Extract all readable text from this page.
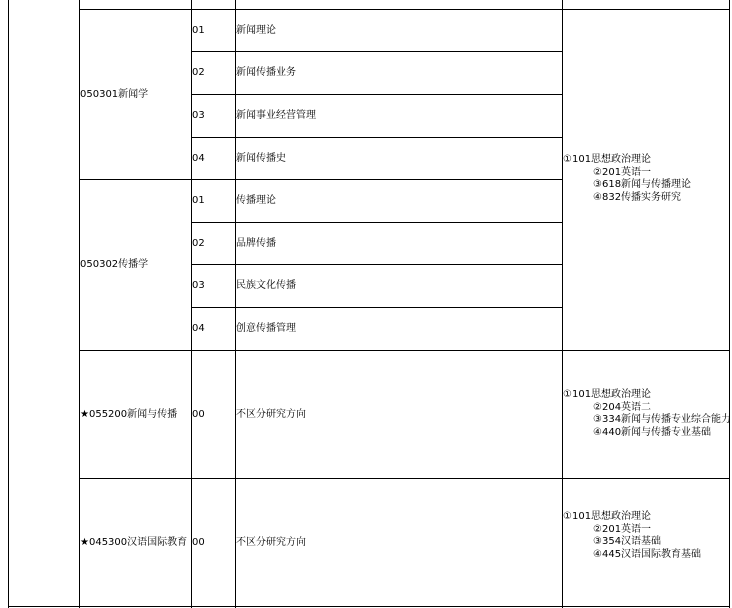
050301新闻学
050302传播学
★055200新闻与传播
★045300汉语国际教育
01
02
03
04
01
02
03
04
00
00
新闻理论
新闻传播业务
新闻事业经营管理
新闻传播史
传播理论
品牌传播
民族文化传播
创意传播管理
不区分研究方向
不区分研究方向
①101思想政治理论
②201英语一
③618新闻与传播理论
④832传播实务研究
①101思想政治理论
②204英语二
③334新闻与传播专业综合能力
④440新闻与传播专业基础
①101思想政治理论
②201英语一
③354汉语基础
④445汉语国际教育基础
